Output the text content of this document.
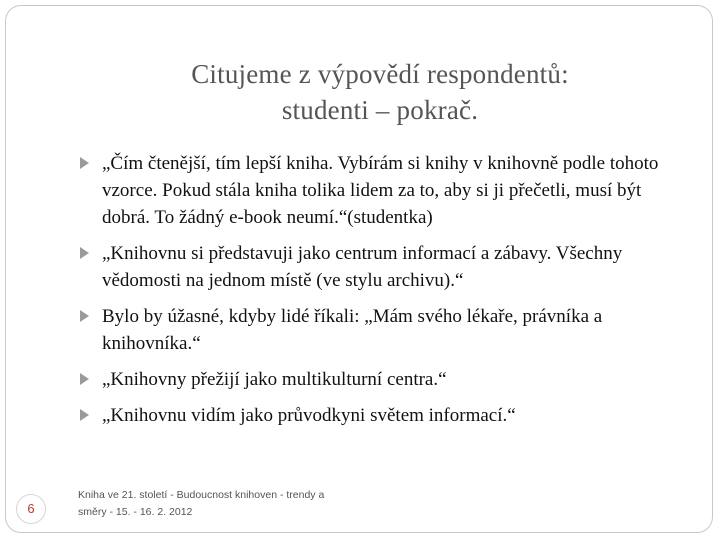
Citujeme z výpovědí respondentů:
studenti – pokrač.
„Čím čtenější, tím lepší kniha. Vybírám si knihy v knihovně podle tohoto vzorce. Pokud stála kniha tolika lidem za to, aby si ji přečetli, musí být dobrá. To žádný e-book neumí.“(studentka)
„Knihovnu si představuji jako centrum informací a zábavy. Všechny vědomosti na jednom místě (ve stylu archivu).“
Bylo by úžasné, kdyby lidé říkali: „Mám svého lékaře, právníka a knihovníka.“
„Knihovny přežijí jako multikulturní centra.“
„Knihovnu vidím jako průvodkyni světem informací.“
6
Kniha ve 21. století - Budoucnost knihoven - trendy a
směry - 15. - 16. 2. 2012
